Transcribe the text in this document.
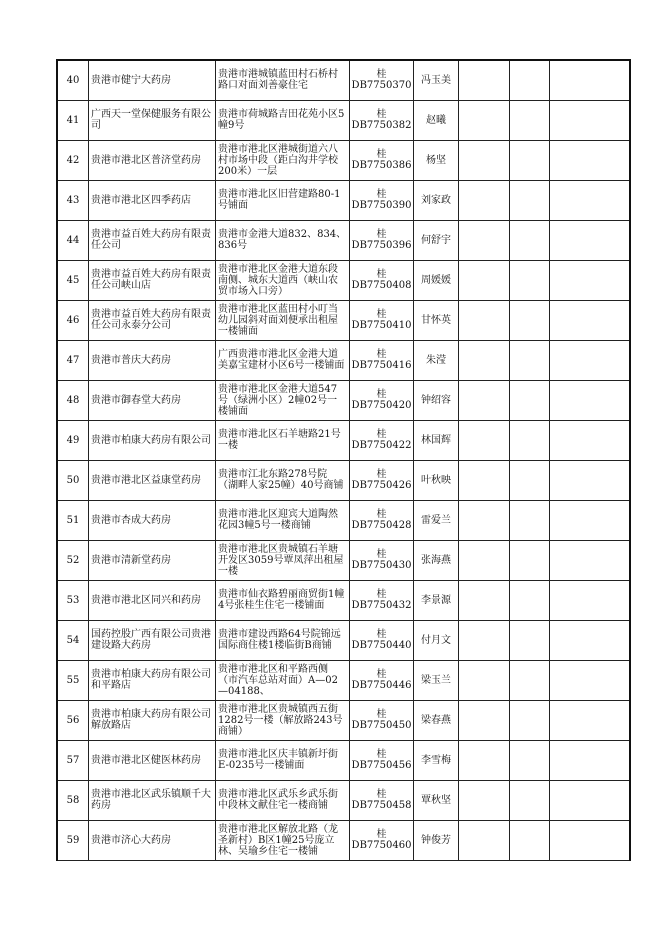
40	贵港市健宁大药房	贵港市港城镇蓝田村石桥村路口对面刘善豪住宅	桂DB7750370	冯玉美			
41	广西天一堂保健服务有限公司	贵港市荷城路吉田花苑小区5幢9号	桂DB7750382	赵曦			
42	贵港市港北区普济堂药房	贵港市港北区港城街道六八村市场中段（距白沟井学校200米）一层	桂DB7750386	杨坚			
43	贵港市港北区四季药店	贵港市港北区旧营建路80-1号铺面	桂DB7750390	刘家政			
44	贵港市益百姓大药房有限责任公司	贵港市金港大道832、834、836号	桂DB7750396	何舒宇			
45	贵港市益百姓大药房有限责任公司峡山店	贵港市港北区金港大道东段南侧、城东大道西（峡山农贸市场入口旁）	桂DB7750408	周媛媛			
46	贵港市益百姓大药房有限责任公司永泰分公司	贵港市港北区蓝田村小叮当幼儿园斜对面刘便承出租屋一楼铺面	桂DB7750410	甘怀英			
47	贵港市普庆大药房	广西贵港市港北区金港大道美嘉宝建材小区6号一楼铺面	桂DB7750416	朱滢			
48	贵港市御春堂大药房	贵港市港北区金港大道547号（绿洲小区）2幢02号一楼铺面	桂DB7750420	钟绍容			
49	贵港市柏康大药房有限公司	贵港市港北区石羊塘路21号一楼	桂DB7750422	林国辉			
50	贵港市港北区益康堂药房	贵港市江北东路278号院（湖畔人家25幢）40号商铺	桂DB7750426	叶秋映			
51	贵港市杏成大药房	贵港市港北区迎宾大道陶然花园3幢5号一楼商铺	桂DB7750428	雷爱兰			
52	贵港市清新堂药房	贵港市港北区贵城镇石羊塘开发区3059号覃凤萍出租屋一楼	桂DB7750430	张海燕			
53	贵港市港北区同兴和药房	贵港市仙衣路碧丽商贸街1幢4号张桂生住宅一楼铺面	桂DB7750432	李景源			
54	国药控股广西有限公司贵港建设路大药房	贵港市建设西路64号院锦远国际商住楼1楼临街B商铺	桂DB7750440	付月文			
55	贵港市柏康大药房有限公司和平路店	贵港市港北区和平路西侧（市汽车总站对面）A—02—04188、	桂DB7750446	梁玉兰			
56	贵港市柏康大药房有限公司解放路店	贵港市港北区贵城镇西五街1282号一楼（解放路243号商铺）	桂DB7750450	梁春燕			
57	贵港市港北区健医林药房	贵港市港北区庆丰镇新圩街E-0235号一楼铺面	桂DB7750456	李雪梅			
58	贵港市港北区武乐镇顺千大药房	贵港市港北区武乐乡武乐街中段林文献住宅一楼商铺	桂DB7750458	覃秋坚			
59	贵港市济心大药房	贵港市港北区解放北路（龙圣新村）B区1幢25号庞立林、吴瑜乡住宅一楼铺	桂DB7750460	钟俊芳			
